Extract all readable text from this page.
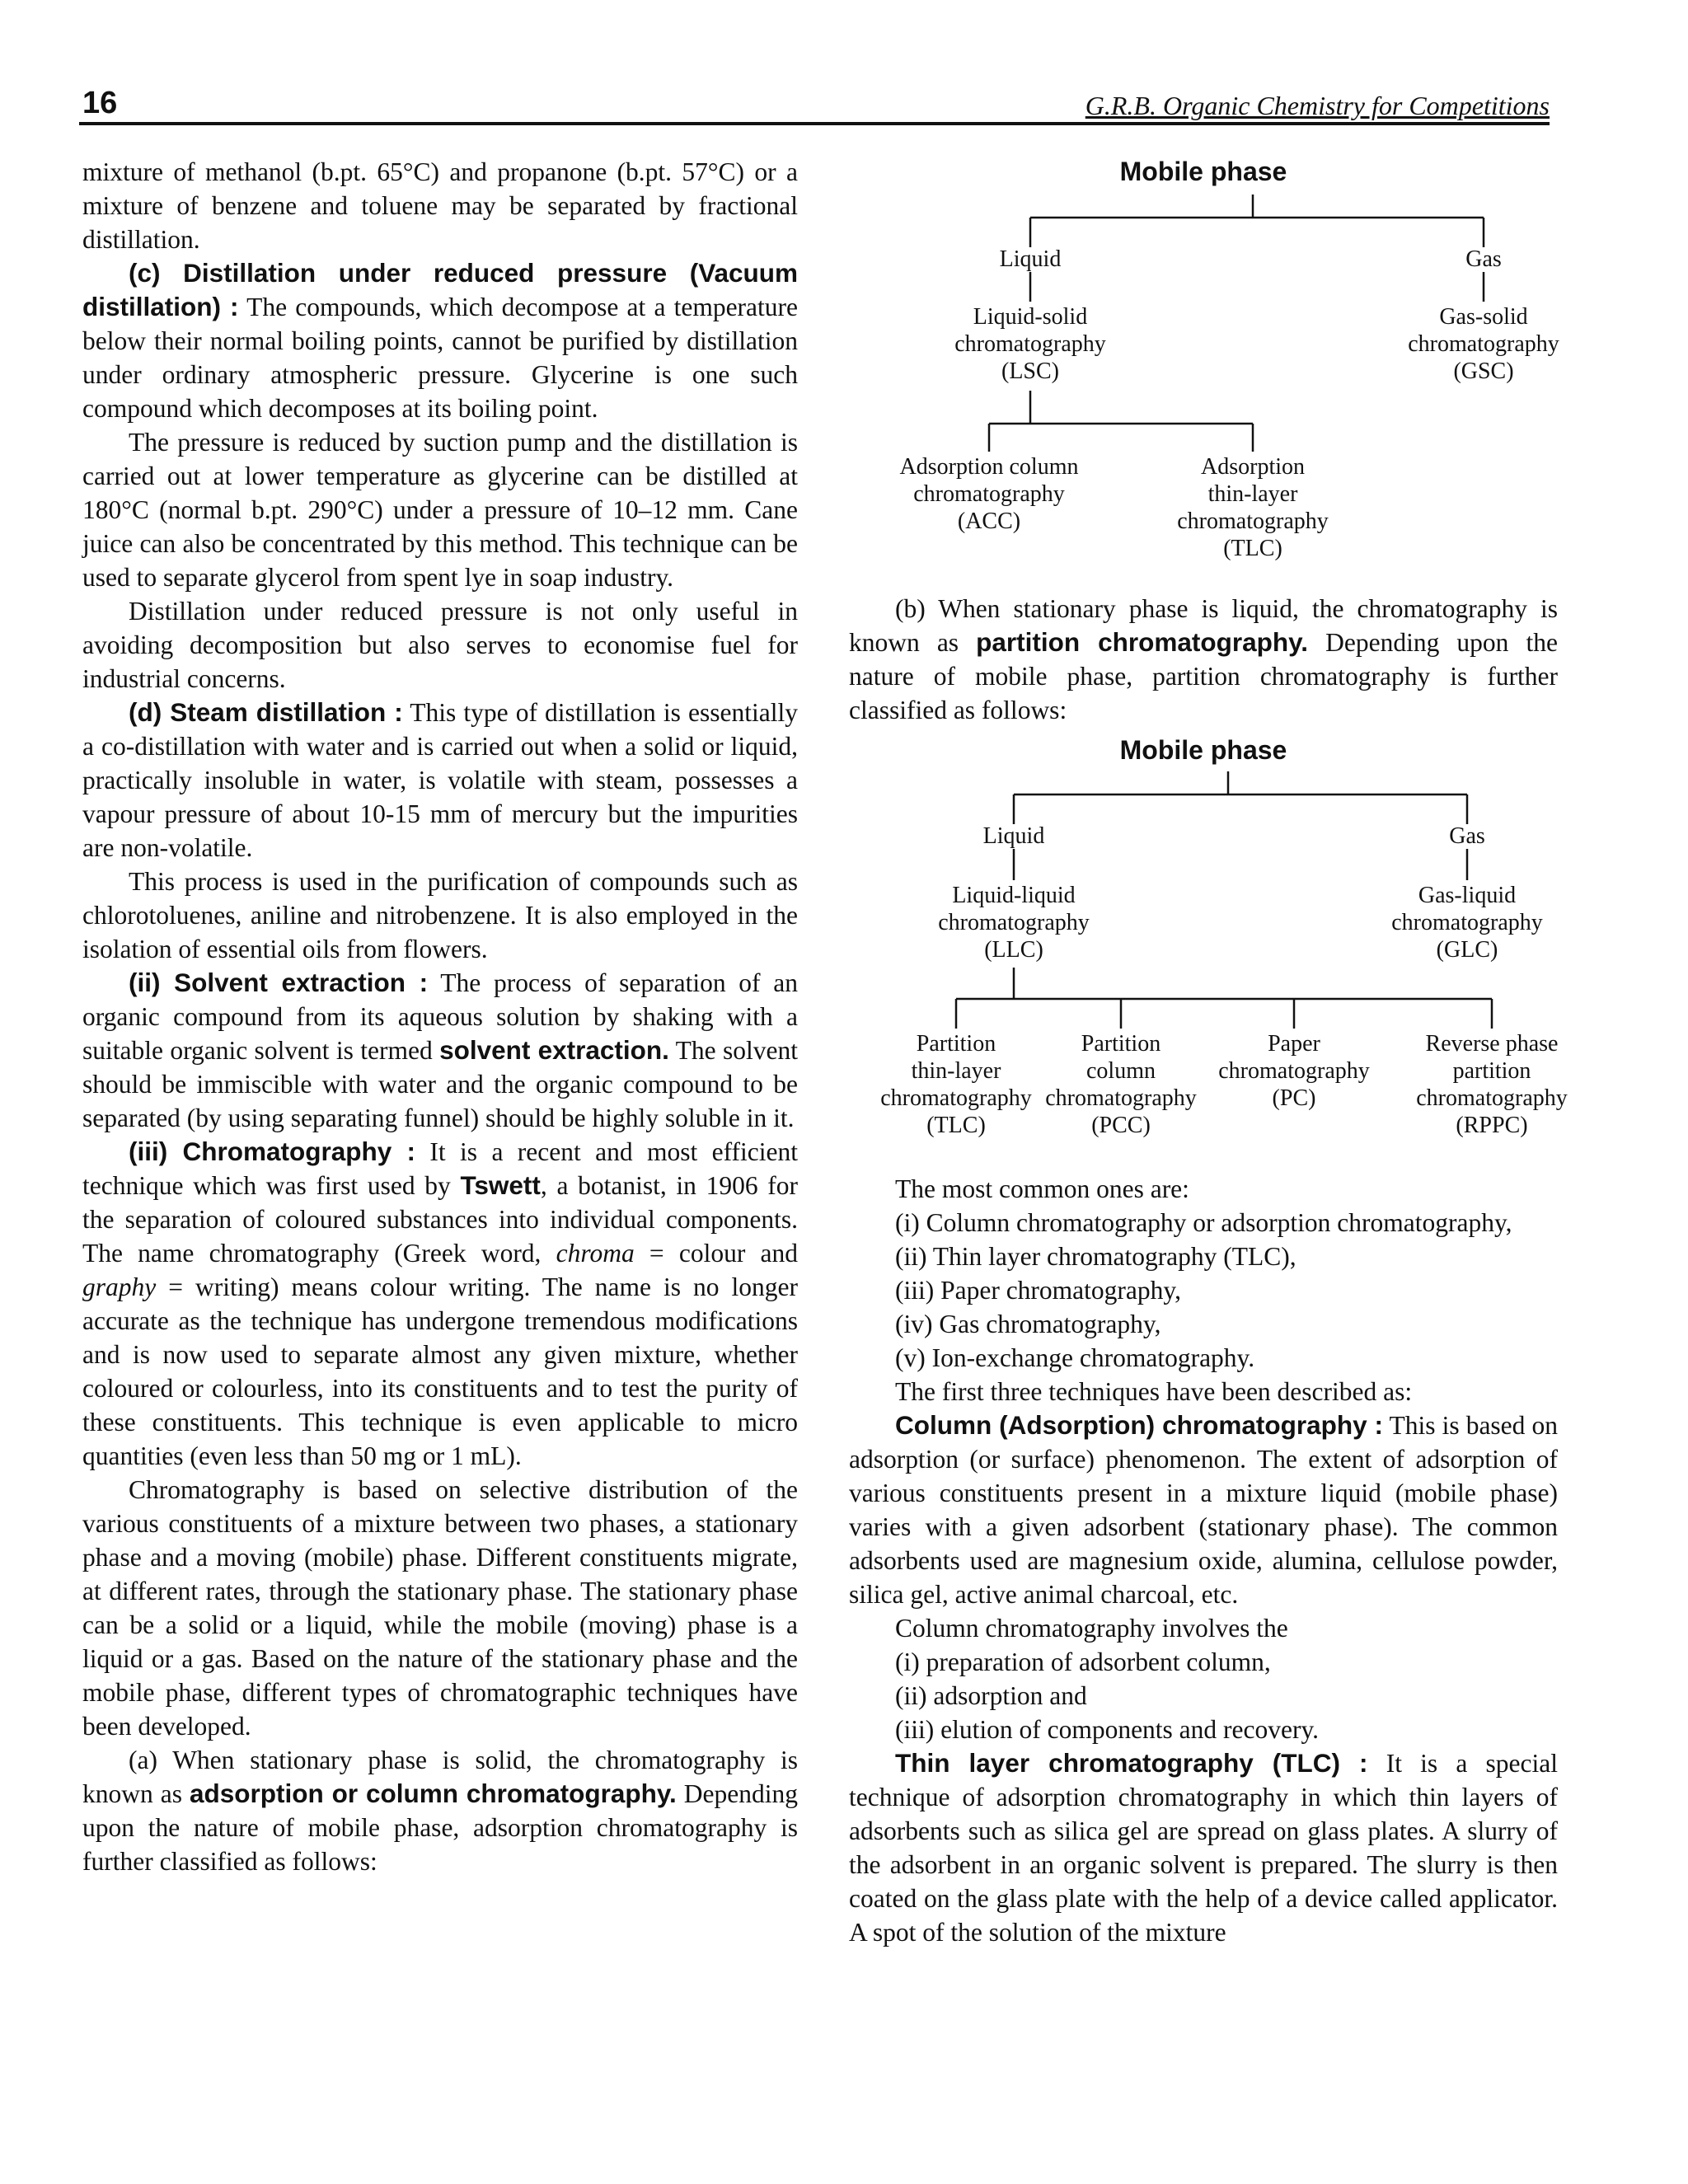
16	G.R.B. Organic Chemistry for Competitions

mixture of methanol (b.pt. 65°C) and propanone (b.pt. 57°C) or a mixture of benzene and toluene may be separated by fractional distillation.

(c) Distillation under reduced pressure (Vacuum distillation) : The compounds, which decompose at a temperature below their normal boiling points, cannot be purified by distillation under ordinary atmospheric pressure. Glycerine is one such compound which decomposes at its boiling point.

The pressure is reduced by suction pump and the distillation is carried out at lower temperature as glycerine can be distilled at 180°C (normal b.pt. 290°C) under a pressure of 10–12 mm. Cane juice can also be concentrated by this method. This technique can be used to separate glycerol from spent lye in soap industry.

Distillation under reduced pressure is not only useful in avoiding decomposition but also serves to economise fuel for industrial concerns.

(d) Steam distillation : This type of distillation is essentially a co-distillation with water and is carried out when a solid or liquid, practically insoluble in water, is volatile with steam, possesses a vapour pressure of about 10-15 mm of mercury but the impurities are non-volatile.

This process is used in the purification of compounds such as chlorotoluenes, aniline and nitrobenzene. It is also employed in the isolation of essential oils from flowers.

(ii) Solvent extraction : The process of separation of an organic compound from its aqueous solution by shaking with a suitable organic solvent is termed solvent extraction. The solvent should be immiscible with water and the organic compound to be separated (by using separating funnel) should be highly soluble in it.

(iii) Chromatography : It is a recent and most efficient technique which was first used by Tswett, a botanist, in 1906 for the separation of coloured substances into individual components. The name chromatography (Greek word, chroma = colour and graphy = writing) means colour writing. The name is no longer accurate as the technique has undergone tremendous modifications and is now used to separate almost any given mixture, whether coloured or colourless, into its constituents and to test the purity of these constituents. This technique is even applicable to micro quantities (even less than 50 mg or 1 mL).

Chromatography is based on selective distribution of the various constituents of a mixture between two phases, a stationary phase and a moving (mobile) phase. Different constituents migrate, at different rates, through the stationary phase. The stationary phase can be a solid or a liquid, while the mobile (moving) phase is a liquid or a gas. Based on the nature of the stationary phase and the mobile phase, different types of chromatographic techniques have been developed.

(a) When stationary phase is solid, the chromatography is known as adsorption or column chromatography. Depending upon the nature of mobile phase, adsorption chromatography is further classified as follows:

Mobile phase
Liquid	Gas
Liquid-solid
chromatography
(LSC)
Gas-solid
chromatography
(GSC)
Adsorption column
chromatography
(ACC)
Adsorption
thin-layer
chromatography
(TLC)

(b) When stationary phase is liquid, the chromatography is known as partition chromatography. Depending upon the nature of mobile phase, partition chromatography is further classified as follows:

Mobile phase
Liquid	Gas
Liquid-liquid
chromatography
(LLC)
Gas-liquid
chromatography
(GLC)
Partition
thin-layer
chromatography
(TLC)
Partition
column
chromatography
(PCC)
Paper
chromatography
(PC)
Reverse phase
partition
chromatography
(RPPC)

The most common ones are:

(i) Column chromatography or adsorption chromatography,

(ii) Thin layer chromatography (TLC),

(iii) Paper chromatography,

(iv) Gas chromatography,

(v) Ion-exchange chromatography.

The first three techniques have been described as:

Column (Adsorption) chromatography : This is based on adsorption (or surface) phenomenon. The extent of adsorption of various constituents present in a mixture liquid (mobile phase) varies with a given adsorbent (stationary phase). The common adsorbents used are magnesium oxide, alumina, cellulose powder, silica gel, active animal charcoal, etc.

Column chromatography involves the

(i) preparation of adsorbent column,

(ii) adsorption and

(iii) elution of components and recovery.

Thin layer chromatography (TLC) : It is a special technique of adsorption chromatography in which thin layers of adsorbents such as silica gel are spread on glass plates. A slurry of the adsorbent in an organic solvent is prepared. The slurry is then coated on the glass plate with the help of a device called applicator. A spot of the solution of the mixture
